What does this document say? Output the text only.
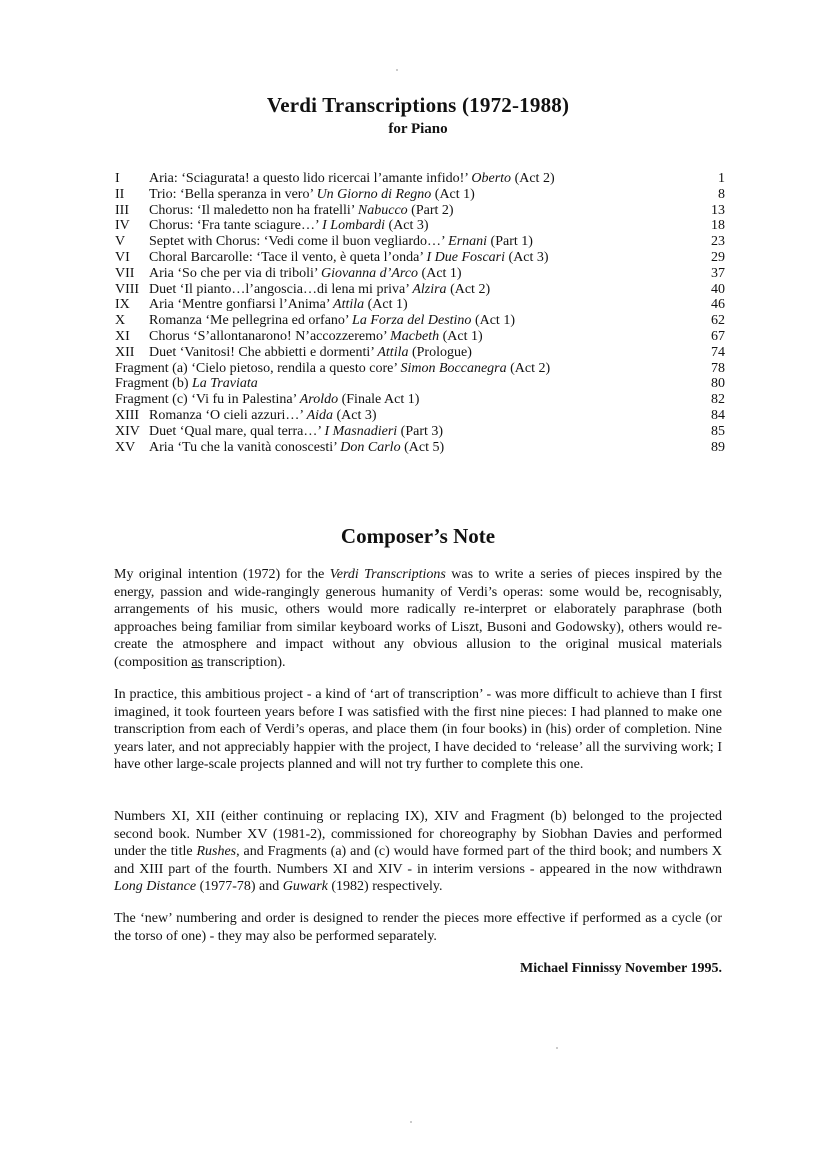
Verdi Transcriptions (1972-1988)
for Piano
I Aria: ‘Sciagurata! a questo lido ricercai l’amante infido!’ Oberto (Act 2)	1
II Trio: ‘Bella speranza in vero’ Un Giorno di Regno (Act 1)	8
III Chorus: ‘Il maledetto non ha fratelli’ Nabucco (Part 2)	13
IV Chorus: ‘Fra tante sciagure…’ I Lombardi (Act 3)	18
V Septet with Chorus: ‘Vedi come il buon vegliardo…’ Ernani (Part 1)	23
VI Choral Barcarolle: ‘Tace il vento, è queta l’onda’ I Due Foscari (Act 3)	29
VII Aria ‘So che per via di triboli’ Giovanna d’Arco (Act 1)	37
VIII Duet ‘Il pianto…l’angoscia…di lena mi priva’ Alzira (Act 2)	40
IX Aria ‘Mentre gonfiarsi l’Anima’ Attila (Act 1)	46
X Romanza ‘Me pellegrina ed orfano’ La Forza del Destino (Act 1)	62
XI Chorus ‘S’allontanarono! N’accozzeremo’ Macbeth (Act 1)	67
XII Duet ‘Vanitosi! Che abbietti e dormenti’ Attila (Prologue)	74
Fragment (a) ‘Cielo pietoso, rendila a questo core’ Simon Boccanegra (Act 2)	78
Fragment (b) La Traviata	80
Fragment (c) ‘Vi fu in Palestina’ Aroldo (Finale Act 1)	82
XIII Romanza ‘O cieli azzuri…’ Aida (Act 3)	84
XIV Duet ‘Qual mare, qual terra…’ I Masnadieri (Part 3)	85
XV Aria ‘Tu che la vanità conoscesti’ Don Carlo (Act 5)	89
Composer’s Note

My original intention (1972) for the Verdi Transcriptions was to write a series of pieces inspired by the energy, passion and wide-rangingly generous humanity of Verdi’s operas: some would be, recognisably, arrangements of his music, others would more radically re-interpret or elaborately paraphrase (both approaches being familiar from similar keyboard works of Liszt, Busoni and Godowsky), others would re-create the atmosphere and impact without any obvious allusion to the original musical materials (composition as transcription).

In practice, this ambitious project - a kind of ‘art of transcription’ - was more difficult to achieve than I first imagined, it took fourteen years before I was satisfied with the first nine pieces: I had planned to make one transcription from each of Verdi’s operas, and place them (in four books) in (his) order of completion. Nine years later, and not appreciably happier with the project, I have decided to ‘release’ all the surviving work; I have other large-scale projects planned and will not try further to complete this one.

Numbers XI, XII (either continuing or replacing IX), XIV and Fragment (b) belonged to the projected second book. Number XV (1981-2), commissioned for choreography by Siobhan Davies and performed under the title Rushes, and Fragments (a) and (c) would have formed part of the third book; and numbers X and XIII part of the fourth. Numbers XI and XIV - in interim versions - appeared in the now withdrawn Long Distance (1977-78) and Guwark (1982) respectively.

The ‘new’ numbering and order is designed to render the pieces more effective if performed as a cycle (or the torso of one) - they may also be performed separately.

Michael Finnissy November 1995.
